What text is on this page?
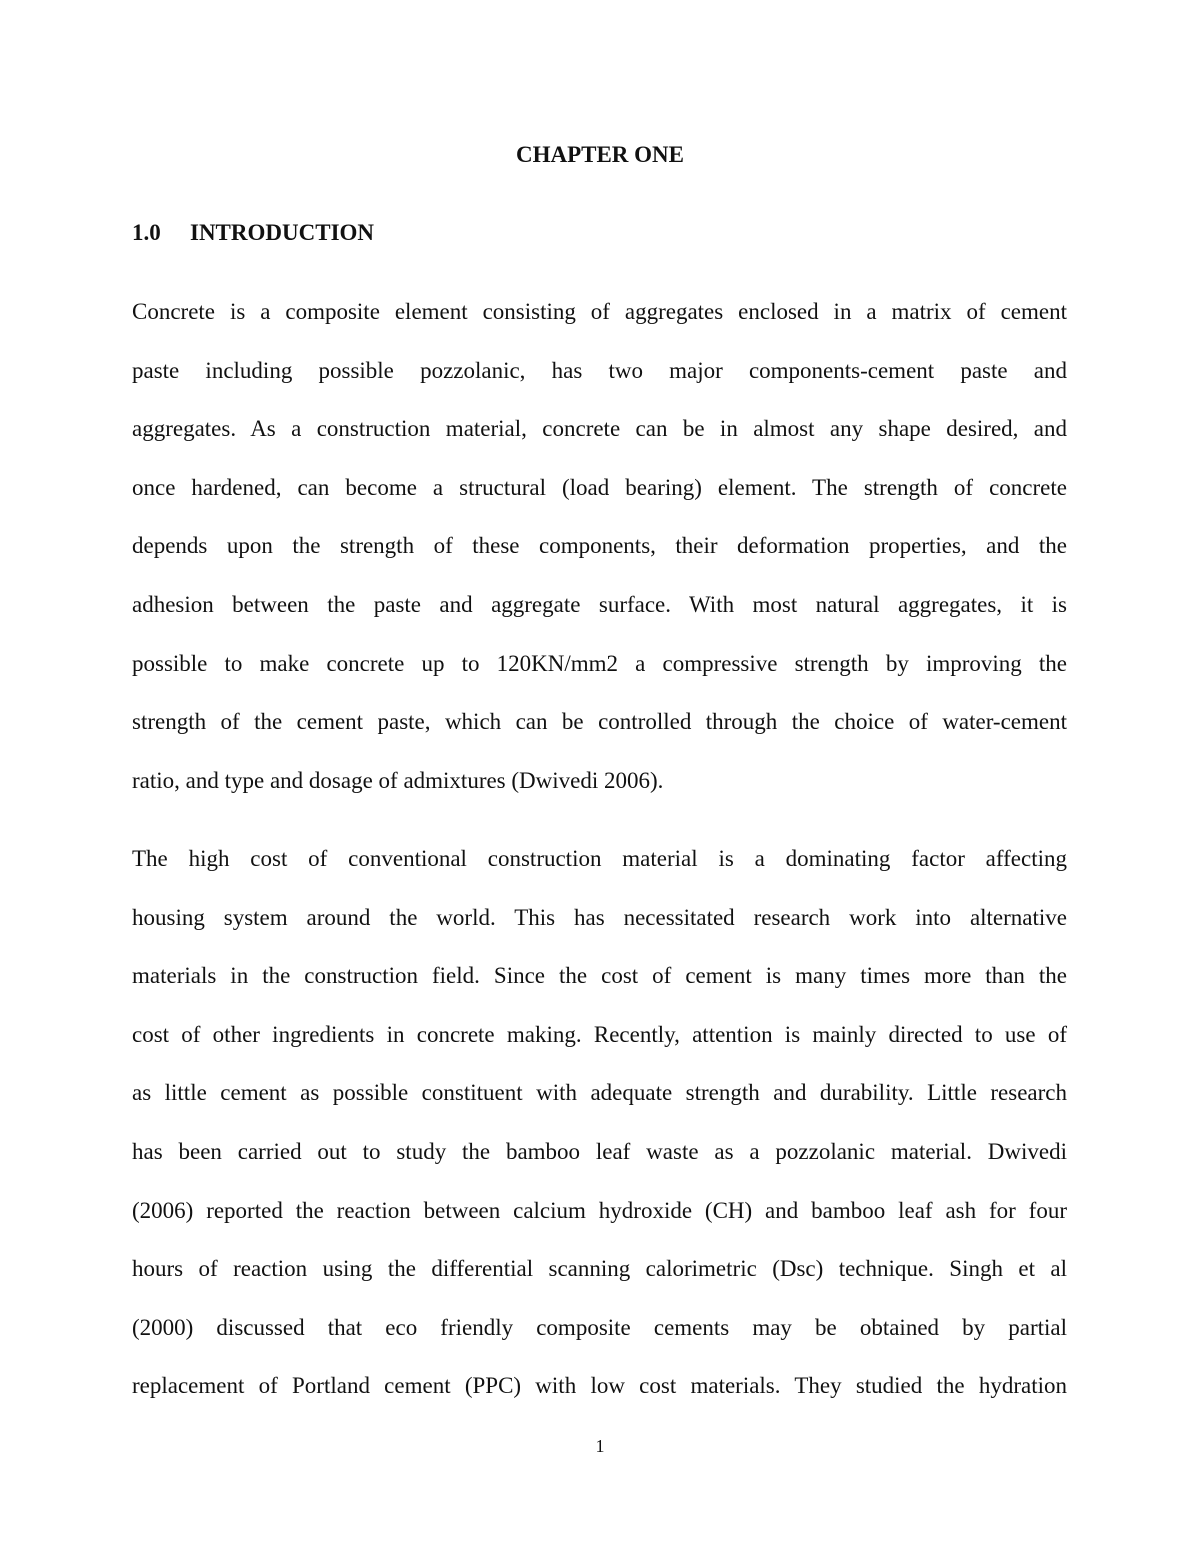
CHAPTER ONE
1.0 INTRODUCTION

Concrete is a composite element consisting of aggregates enclosed in a matrix of cement
paste including possible pozzolanic, has two major components-cement paste and
aggregates. As a construction material, concrete can be in almost any shape desired, and
once hardened, can become a structural (load bearing) element. The strength of concrete
depends upon the strength of these components, their deformation properties, and the
adhesion between the paste and aggregate surface. With most natural aggregates, it is
possible to make concrete up to 120KN/mm2 a compressive strength by improving the
strength of the cement paste, which can be controlled through the choice of water-cement
ratio, and type and dosage of admixtures (Dwivedi 2006).

The high cost of conventional construction material is a dominating factor affecting
housing system around the world. This has necessitated research work into alternative
materials in the construction field. Since the cost of cement is many times more than the
cost of other ingredients in concrete making. Recently, attention is mainly directed to use of
as little cement as possible constituent with adequate strength and durability. Little research
has been carried out to study the bamboo leaf waste as a pozzolanic material. Dwivedi
(2006) reported the reaction between calcium hydroxide (CH) and bamboo leaf ash for four
hours of reaction using the differential scanning calorimetric (Dsc) technique. Singh et al
(2000) discussed that eco friendly composite cements may be obtained by partial
replacement of Portland cement (PPC) with low cost materials. They studied the hydration

1
